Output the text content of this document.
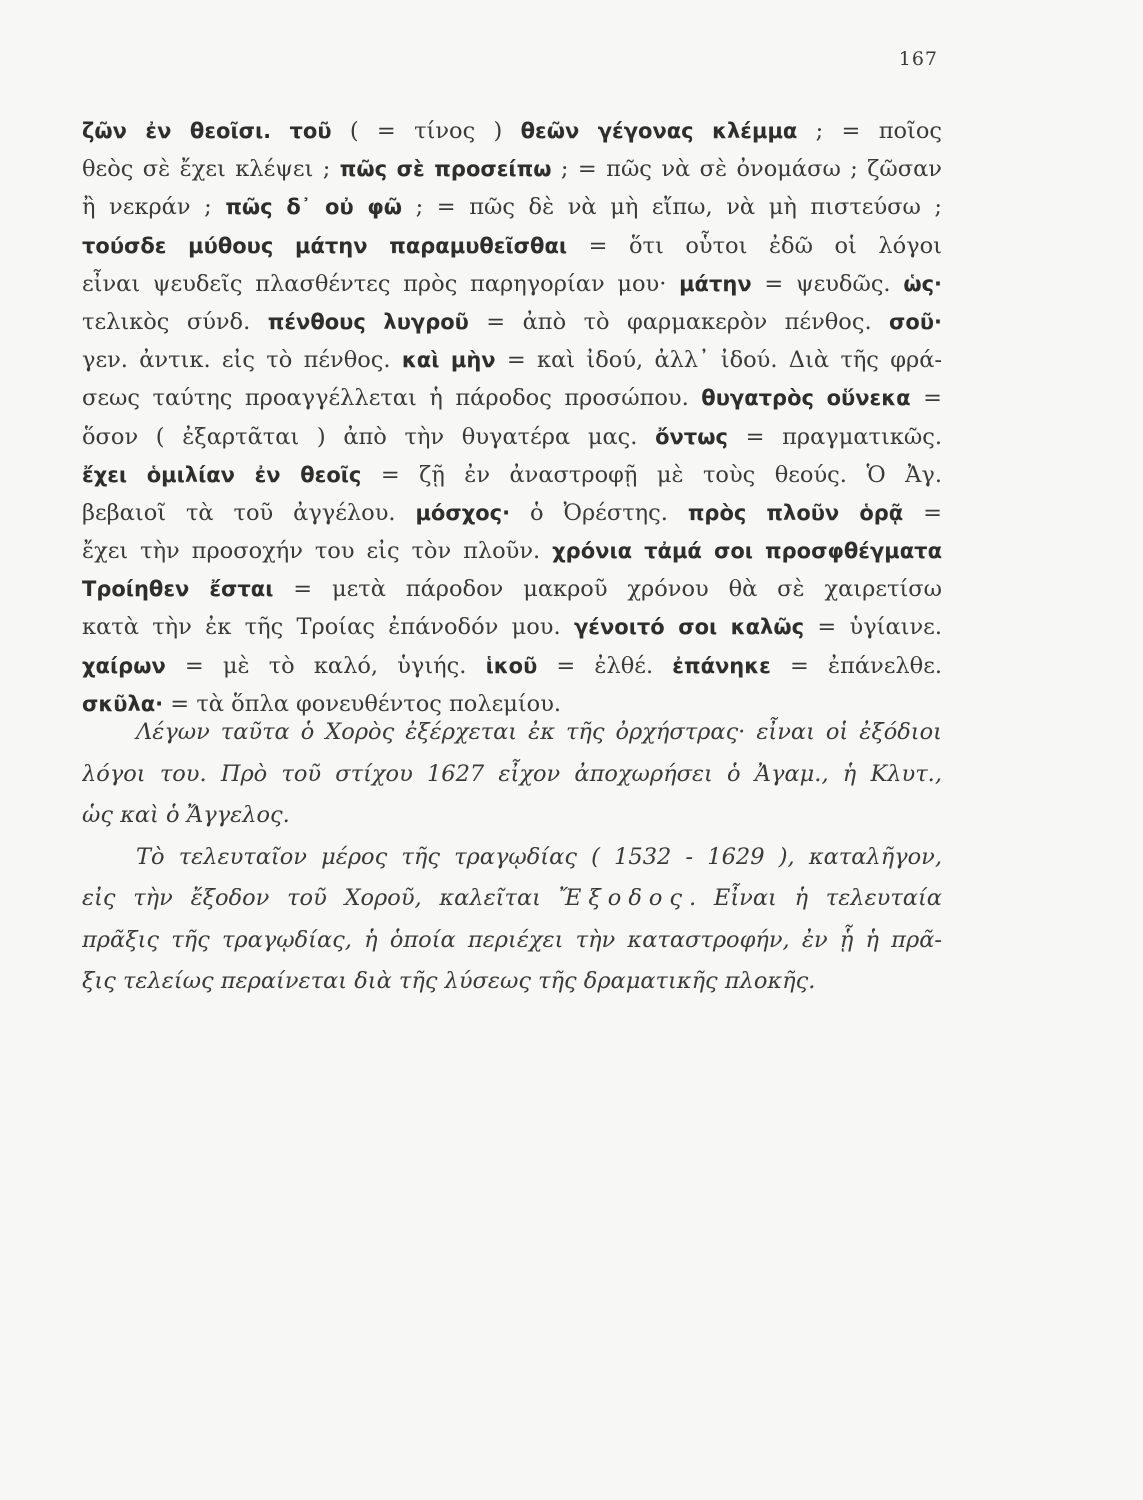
167
ζῶν ἐν θεοῖσι. τοῦ ( = τίνος ) θεῶν γέγονας κλέμμα ; = ποῖος
θεὸς σὲ ἔχει κλέψει ; πῶς σὲ προσείπω ; = πῶς νὰ σὲ ὀνομάσω ; ζῶσαν
ἢ νεκράν ; πῶς δ᾽ οὐ φῶ ; = πῶς δὲ νὰ μὴ εἴπω, νὰ μὴ πιστεύσω ;
τούσδε μύθους μάτην παραμυθεῖσθαι = ὅτι οὗτοι ἐδῶ οἱ λόγοι
εἶναι ψευδεῖς πλασθέντες πρὸς παρηγορίαν μου· μάτην = ψευδῶς. ὡς·
τελικὸς σύνδ. πένθους λυγροῦ = ἀπὸ τὸ φαρμακερὸν πένθος. σοῦ·
γεν. ἀντικ. εἰς τὸ πένθος. καὶ μὴν = καὶ ἰδού, ἀλλ᾽ ἰδού. Διὰ τῆς φρά-
σεως ταύτης προαγγέλλεται ἡ πάροδος προσώπου. θυγατρὸς οὕνεκα =
ὅσον ( ἐξαρτᾶται ) ἀπὸ τὴν θυγατέρα μας. ὄντως = πραγματικῶς.
ἔχει ὁμιλίαν ἐν θεοῖς = ζῇ ἐν ἀναστροφῇ μὲ τοὺς θεούς. Ὁ Ἀγ.
βεβαιοῖ τὰ τοῦ ἀγγέλου. μόσχος· ὁ Ὀρέστης. πρὸς πλοῦν ὁρᾷ =
ἔχει τὴν προσοχήν του εἰς τὸν πλοῦν. χρόνια τἀμά σοι προσφθέγματα
Τροίηθεν ἔσται = μετὰ πάροδον μακροῦ χρόνου θὰ σὲ χαιρετίσω
κατὰ τὴν ἐκ τῆς Τροίας ἐπάνοδόν μου. γένοιτό σοι καλῶς = ὑγίαινε.
χαίρων = μὲ τὸ καλό, ὑγιής. ἱκοῦ = ἐλθέ. ἐπάνηκε = ἐπάνελθε.
σκῦλα· = τὰ ὅπλα φονευθέντος πολεμίου.
Λέγων ταῦτα ὁ Χορὸς ἐξέρχεται ἐκ τῆς ὀρχήστρας· εἶναι οἱ ἐξόδιοι
λόγοι του. Πρὸ τοῦ στίχου 1627 εἶχον ἀποχωρήσει ὁ Ἀγαμ., ἡ Κλυτ.,
ὡς καὶ ὁ Ἄγγελος.
Τὸ τελευταῖον μέρος τῆς τραγῳδίας ( 1532 - 1629 ), καταλῆγον,
εἰς τὴν ἔξοδον τοῦ Χοροῦ, καλεῖται Ἔξοδος. Εἶναι ἡ τελευταία
πρᾶξις τῆς τραγῳδίας, ἡ ὁποία περιέχει τὴν καταστροφήν, ἐν ᾗ ἡ πρᾶ-
ξις τελείως περαίνεται διὰ τῆς λύσεως τῆς δραματικῆς πλοκῆς.
